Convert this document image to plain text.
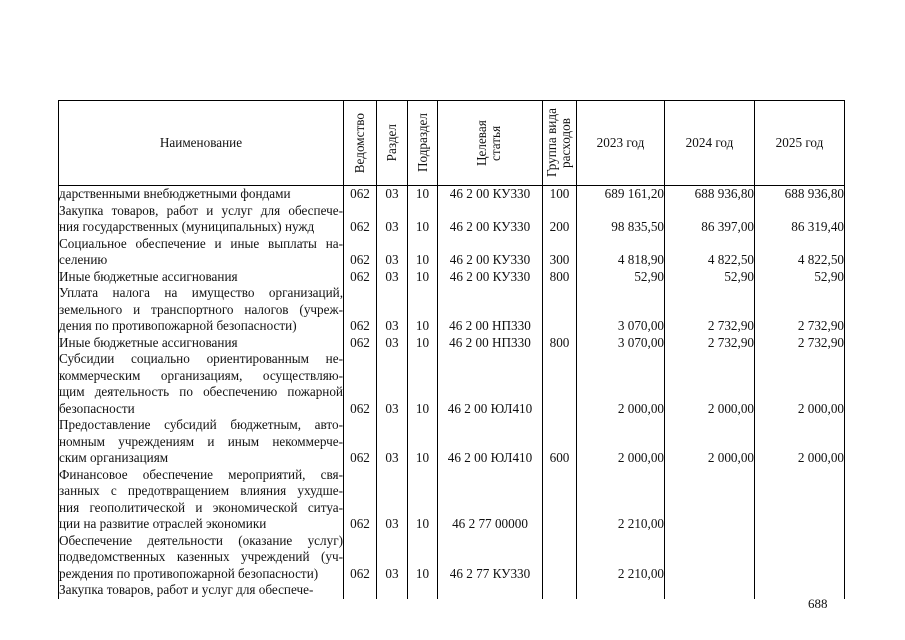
Наименование	Ведомство	Раздел	Подраздел	Целевая статья	Группа вида расходов	2023 год	2024 год	2025 год

дарственными внебюджетными фондами	062	03	10	46 2 00 КУ330	100	689 161,20	688 936,80	688 936,80

Закупка товаров, работ и услуг для обеспече-
ния государственных (муниципальных) нужд	062	03	10	46 2 00 КУ330	200	98 835,50	86 397,00	86 319,40

Социальное обеспечение и иные выплаты на-
селению	062	03	10	46 2 00 КУ330	300	4 818,90	4 822,50	4 822,50

Иные бюджетные ассигнования	062	03	10	46 2 00 КУ330	800	52,90	52,90	52,90

Уплата налога на имущество организаций,
земельного и транспортного налогов (учреж-
дения по противопожарной безопасности)	062	03	10	46 2 00 НП330		3 070,00	2 732,90	2 732,90

Иные бюджетные ассигнования	062	03	10	46 2 00 НП330	800	3 070,00	2 732,90	2 732,90

Субсидии социально ориентированным не-
коммерческим организациям, осуществляю-
щим деятельность по обеспечению пожарной
безопасности	062	03	10	46 2 00 ЮЛ410		2 000,00	2 000,00	2 000,00

Предоставление субсидий бюджетным, авто-
номным учреждениям и иным некоммерче-
ским организациям	062	03	10	46 2 00 ЮЛ410	600	2 000,00	2 000,00	2 000,00

Финансовое обеспечение мероприятий, свя-
занных с предотвращением влияния ухудше-
ния геополитической и экономической ситуа-
ции на развитие отраслей экономики	062	03	10	46 2 77 00000		2 210,00		

Обеспечение деятельности (оказание услуг)
подведомственных казенных учреждений (уч-
реждения по противопожарной безопасности)	062	03	10	46 2 77 КУ330		2 210,00		

Закупка товаров, работ и услуг для обеспече-								

688
